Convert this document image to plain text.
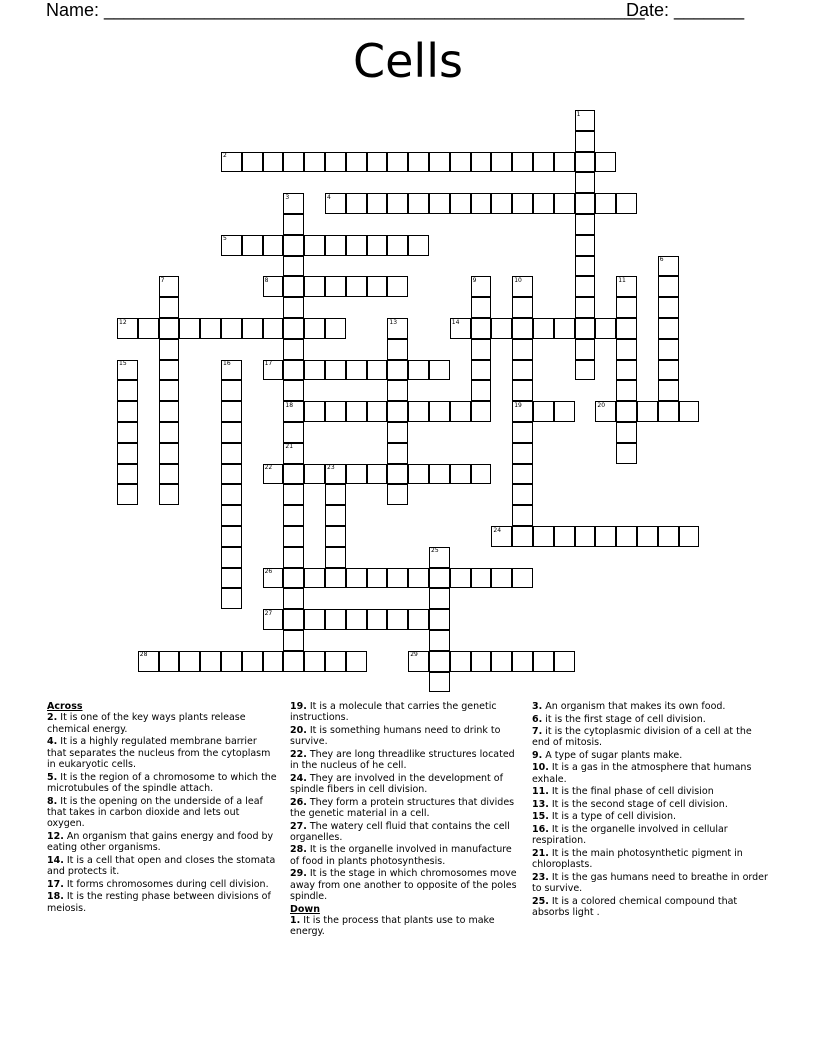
Name: ______________________________________________________
Date: _______
Cells
1
2
3	4
5
6
7	8	9	10	11
12	13	14
15	16	17
18	19	20
21
22	23
24
25
26
27
28	29
Across
2. It is one of the key ways plants release chemical energy.
4. It is a highly regulated membrane barrier that separates the nucleus from the cytoplasm in eukaryotic cells.
5. It is the region of a chromosome to which the microtubules of the spindle attach.
8. It is the opening on the underside of a leaf that takes in carbon dioxide and lets out oxygen.
12. An organism that gains energy and food by eating other organisms.
14. It is a cell that open and closes the stomata and protects it.
17. It forms chromosomes during cell division.
18. It is the resting phase between divisions of meiosis.
19. It is a molecule that carries the genetic instructions.
20. It is something humans need to drink to survive.
22. They are long threadlike structures located in the nucleus of he cell.
24. They are involved in the development of spindle fibers in cell division.
26. They form a protein structures that divides the genetic material in a cell.
27. The watery cell fluid that contains the cell organelles.
28. It is the organelle involved in manufacture of food in plants photosynthesis.
29. It is the stage in which chromosomes move away from one another to opposite of the poles spindle.
Down
1. It is the process that plants use to make energy.
3. An organism that makes its own food.
6. it is the first stage of cell division.
7. it is the cytoplasmic division of a cell at the end of mitosis.
9. A type of sugar plants make.
10. It is a gas in the atmosphere that humans exhale.
11. It is the final phase of cell division
13. It is the second stage of cell division.
15. It is a type of cell division.
16. It is the organelle involved in cellular respiration.
21. It is the main photosynthetic pigment in chloroplasts.
23. It is the gas humans need to breathe in order to survive.
25. It is a colored chemical compound that absorbs light .
